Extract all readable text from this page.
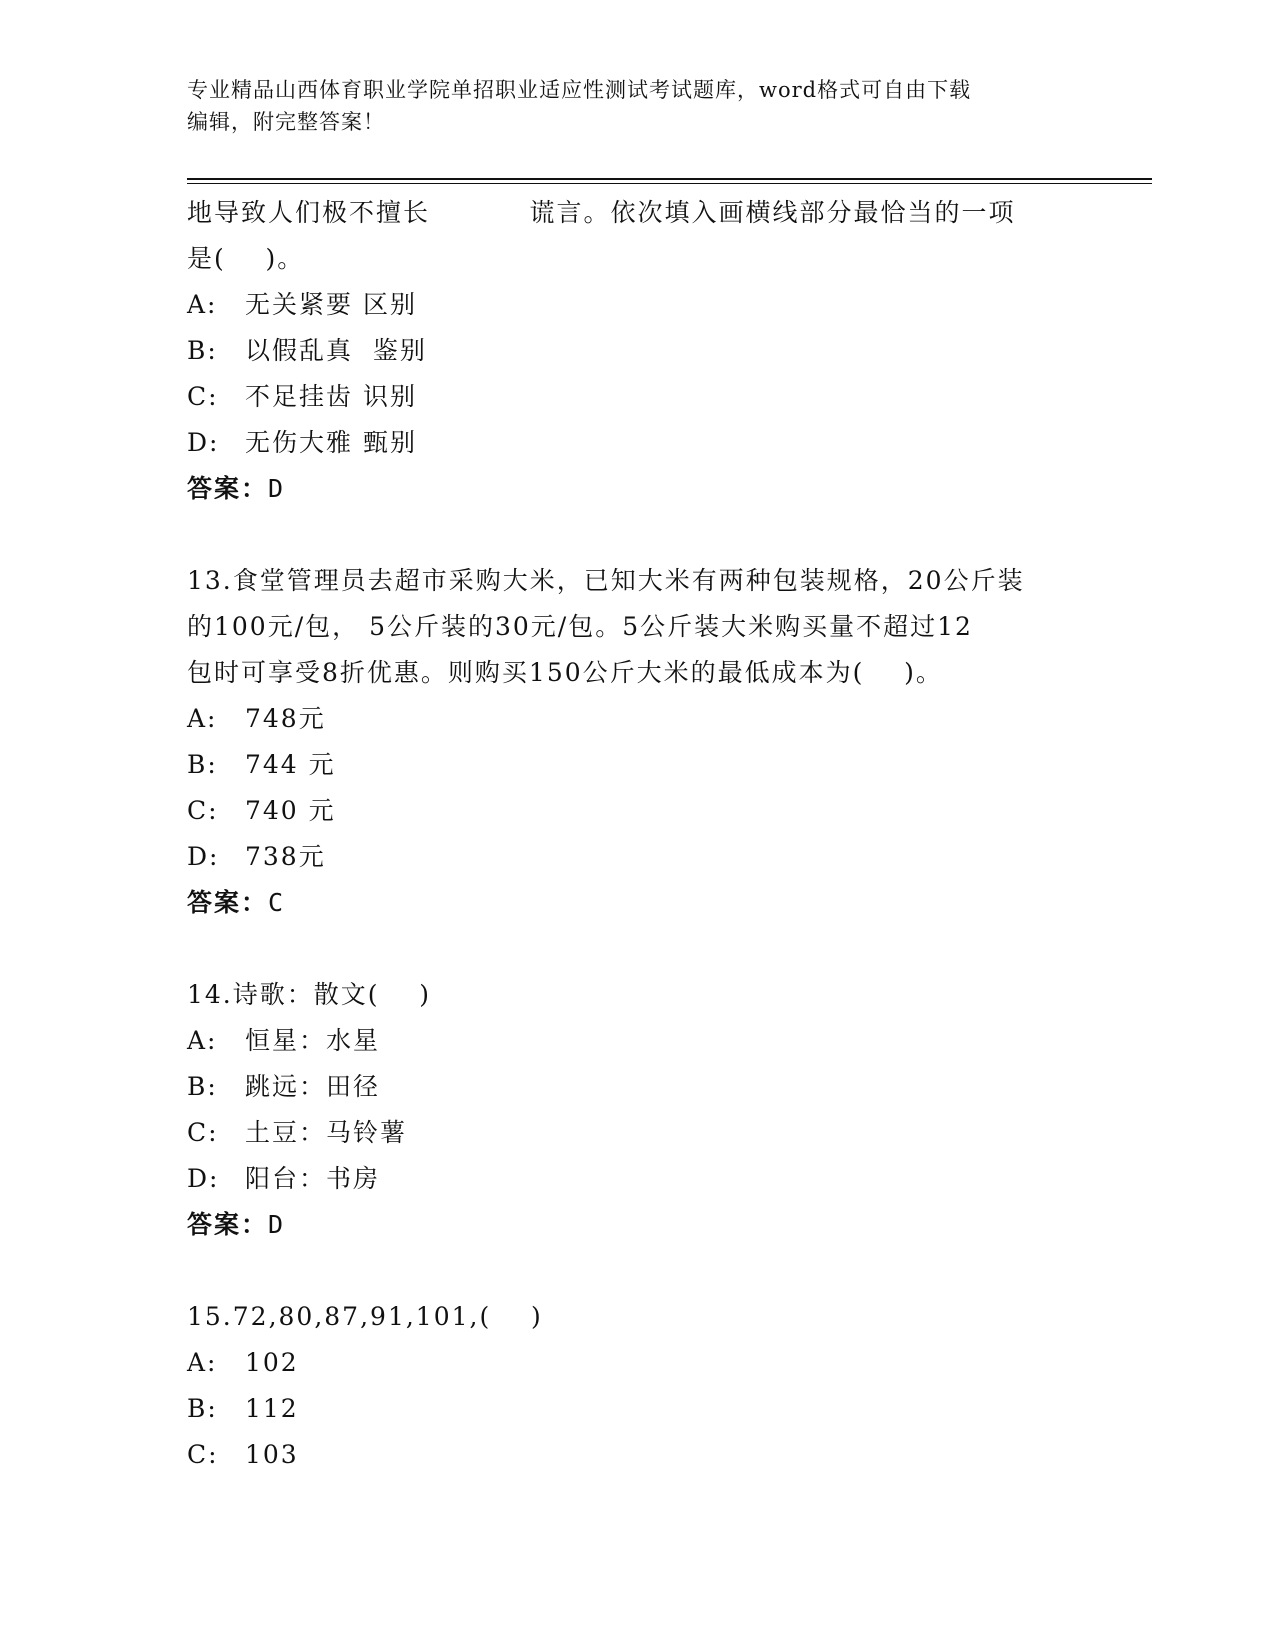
专业精品山西体育职业学院单招职业适应性测试考试题库，word格式可自由下载
编辑，附完整答案！
地导致人们极不擅长          谎言。依次填入画横线部分最恰当的一项
是(    )。
A: 无关紧要 区别
B: 以假乱真  鉴别
C: 不足挂齿 识别
D: 无伤大雅 甄别
答案：D
13.食堂管理员去超市采购大米，已知大米有两种包装规格，20公斤装
的100元/包， 5公斤装的30元/包。5公斤装大米购买量不超过12
包时可享受8折优惠。则购买150公斤大米的最低成本为(    )。
A: 748元
B: 744 元
C: 740 元
D: 738元
答案：C
14.诗歌：散文(    )
A: 恒星：水星
B: 跳远：田径
C: 土豆：马铃薯
D: 阳台：书房
答案：D
15.72,80,87,91,101,(    )
A: 102
B: 112
C: 103
